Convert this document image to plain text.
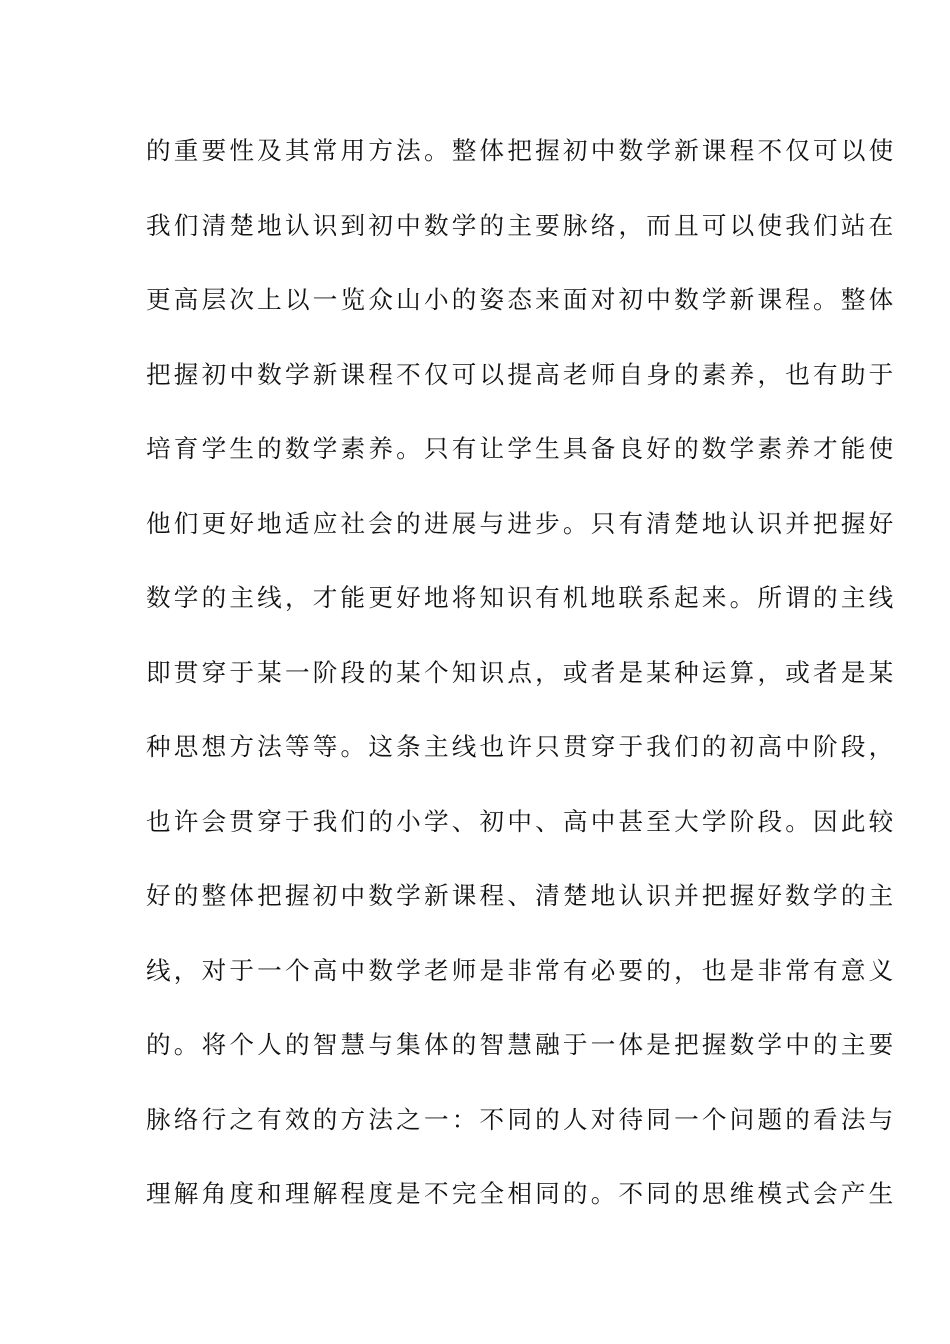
的重要性及其常用方法。整体把握初中数学新课程不仅可以使
我们清楚地认识到初中数学的主要脉络，而且可以使我们站在
更高层次上以一览众山小的姿态来面对初中数学新课程。整体
把握初中数学新课程不仅可以提高老师自身的素养，也有助于
培育学生的数学素养。只有让学生具备良好的数学素养才能使
他们更好地适应社会的进展与进步。只有清楚地认识并把握好
数学的主线，才能更好地将知识有机地联系起来。所谓的主线
即贯穿于某一阶段的某个知识点，或者是某种运算，或者是某
种思想方法等等。这条主线也许只贯穿于我们的初高中阶段，
也许会贯穿于我们的小学、初中、高中甚至大学阶段。因此较
好的整体把握初中数学新课程、清楚地认识并把握好数学的主
线，对于一个高中数学老师是非常有必要的，也是非常有意义
的。将个人的智慧与集体的智慧融于一体是把握数学中的主要
脉络行之有效的方法之一：不同的人对待同一个问题的看法与
理解角度和理解程度是不完全相同的。不同的思维模式会产生
